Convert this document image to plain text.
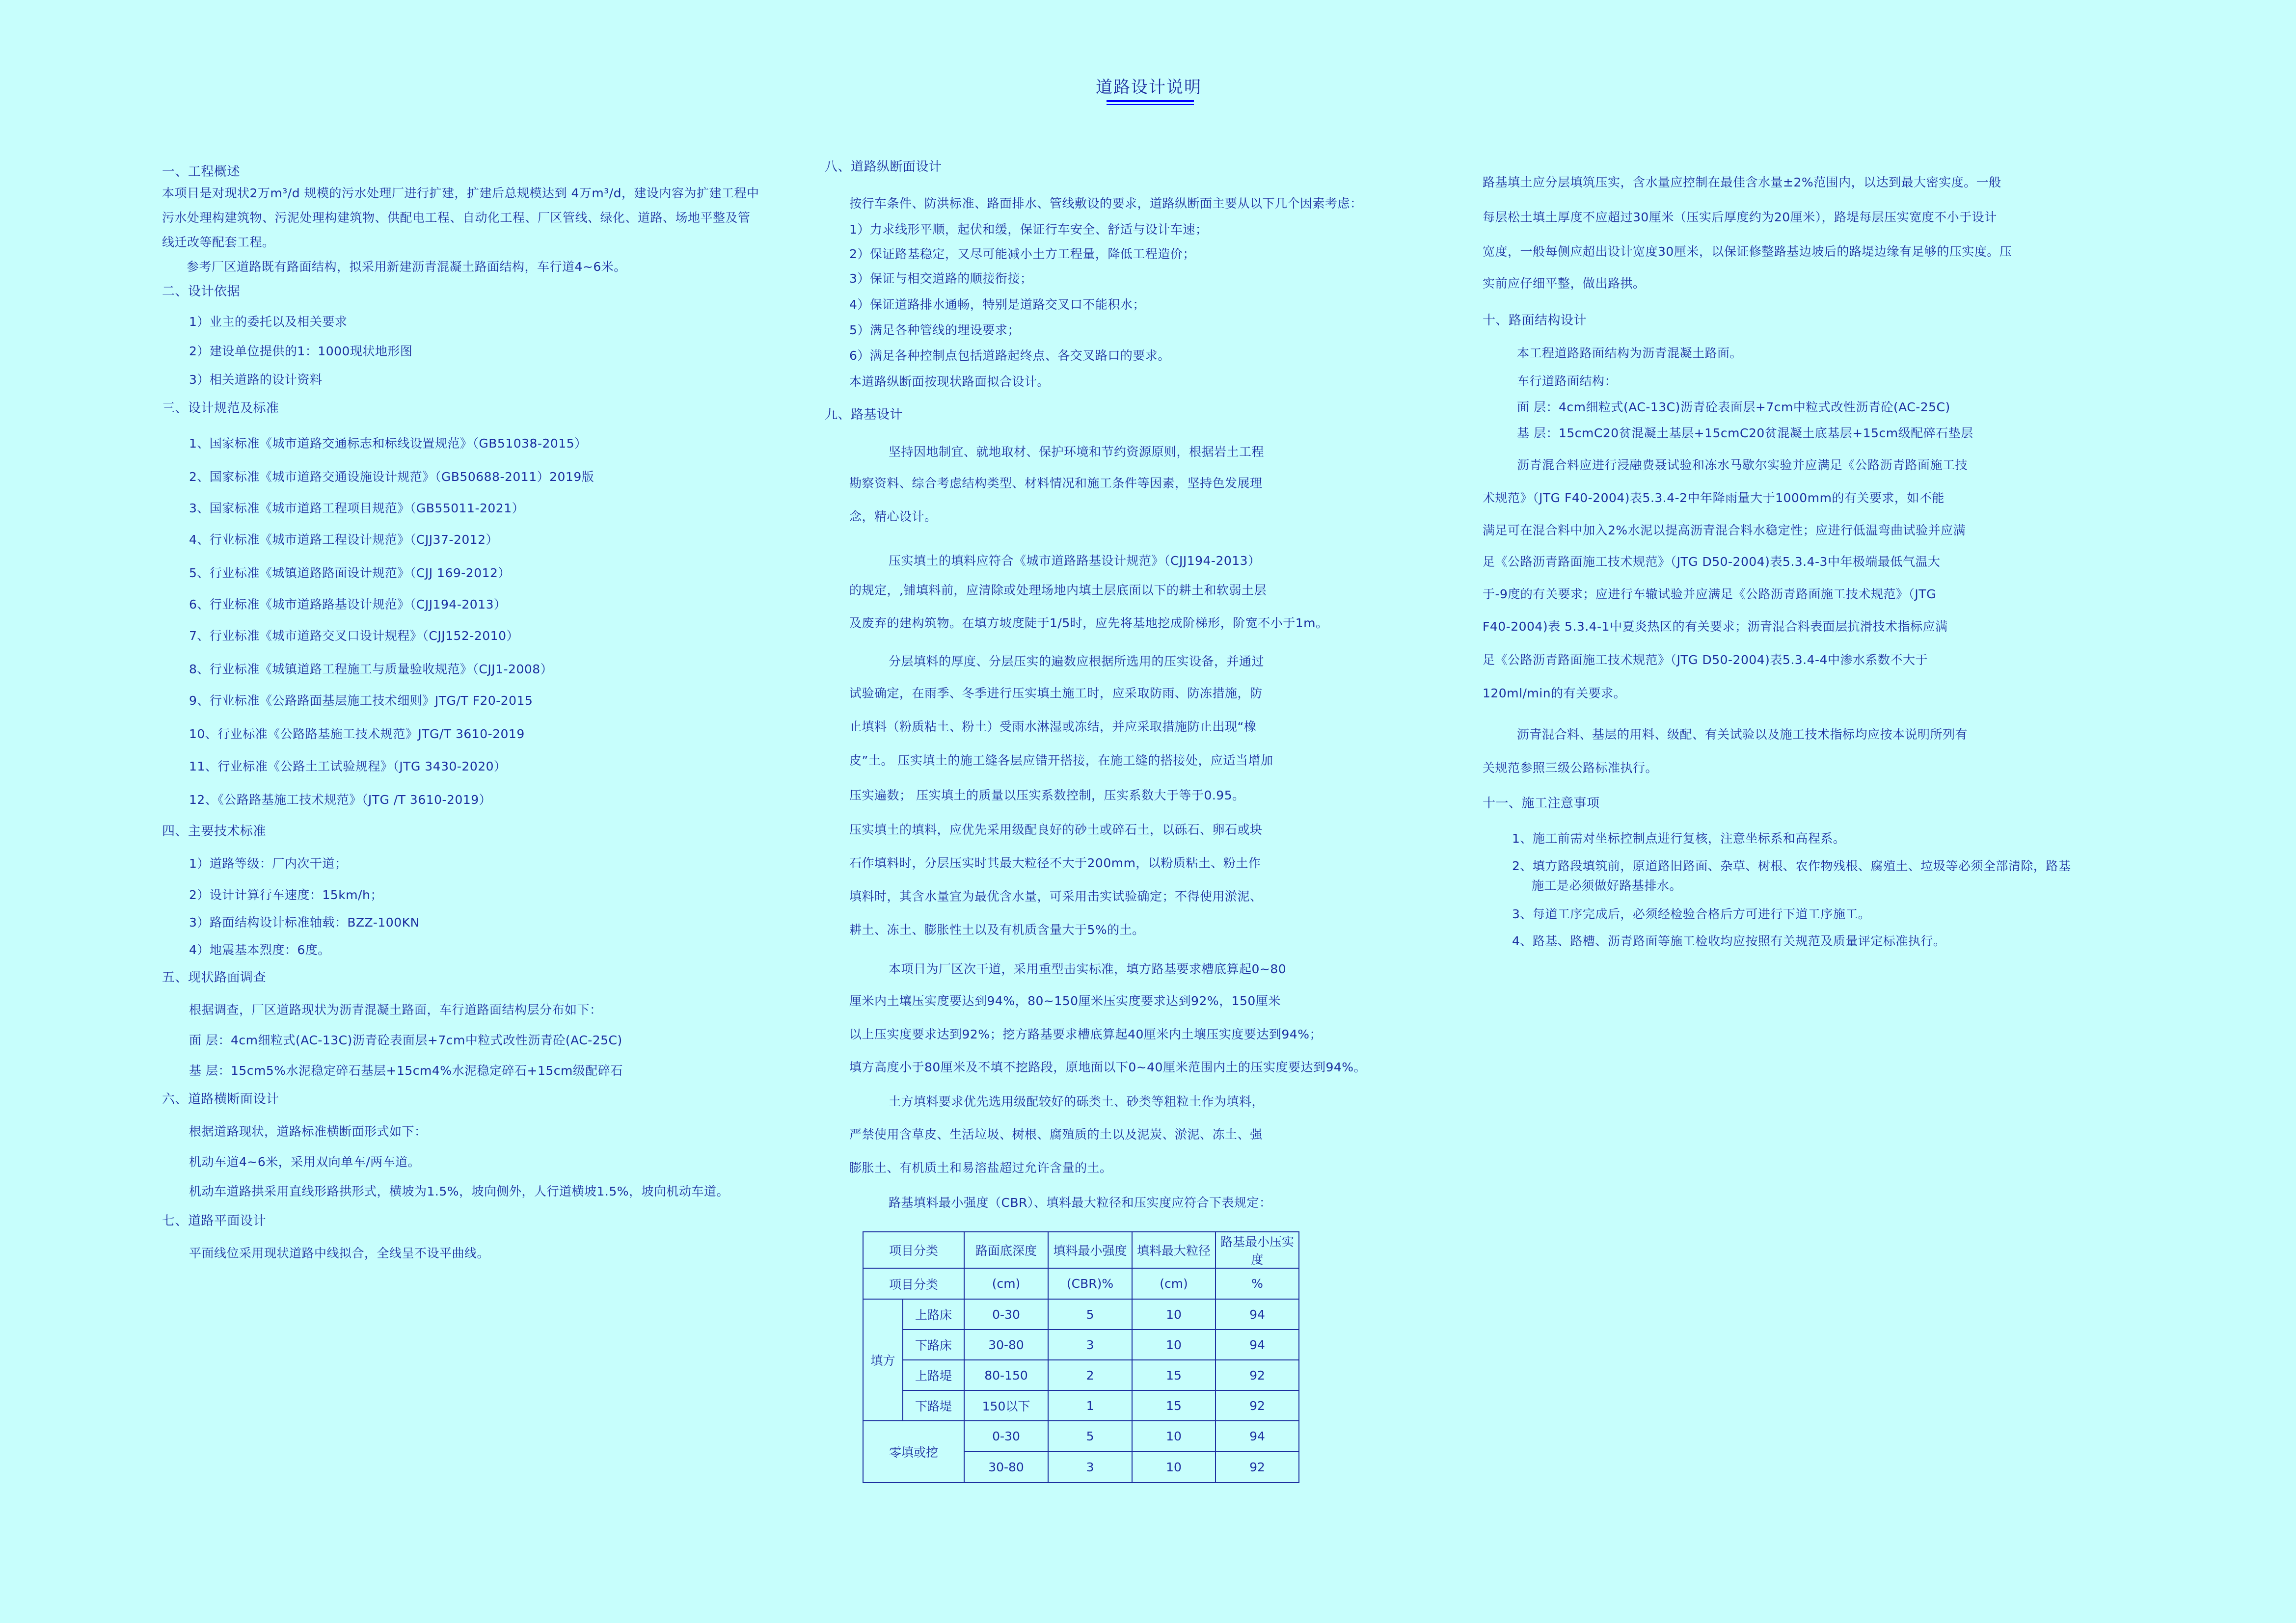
道路设计说明
一、工程概述
本项目是对现状2万m³/d 规模的污水处理厂进行扩建，扩建后总规模达到 4万m³/d，建设内容为扩建工程中
污水处理构建筑物、污泥处理构建筑物、供配电工程、自动化工程、厂区管线、绿化、道路、场地平整及管
线迁改等配套工程。
参考厂区道路既有路面结构，拟采用新建沥青混凝土路面结构，车行道4~6米。
二、设计依据
1）业主的委托以及相关要求
2）建设单位提供的1：1000现状地形图
3）相关道路的设计资料
三、设计规范及标准
1、国家标准《城市道路交通标志和标线设置规范》（GB51038-2015）
2、国家标准《城市道路交通设施设计规范》（GB50688-2011）2019版
3、国家标准《城市道路工程项目规范》（GB55011-2021）
4、行业标准《城市道路工程设计规范》（CJJ37-2012）
5、行业标准《城镇道路路面设计规范》（CJJ 169-2012）
6、行业标准《城市道路路基设计规范》（CJJ194-2013）
7、行业标准《城市道路交叉口设计规程》（CJJ152-2010）
8、行业标准《城镇道路工程施工与质量验收规范》（CJJ1-2008）
9、行业标准《公路路面基层施工技术细则》JTG/T F20-2015
10、行业标准《公路路基施工技术规范》JTG/T 3610-2019
11、行业标准《公路土工试验规程》（JTG 3430-2020）
12、《公路路基施工技术规范》（JTG /T 3610-2019）
四、主要技术标准
1）道路等级：厂内次干道；
2）设计计算行车速度：15km/h；
3）路面结构设计标准轴载：BZZ-100KN
4）地震基本烈度：6度。
五、现状路面调查
根据调查，厂区道路现状为沥青混凝土路面，车行道路面结构层分布如下：
面 层：4cm细粒式(AC-13C)沥青砼表面层+7cm中粒式改性沥青砼(AC-25C)
基 层：15cm5%水泥稳定碎石基层+15cm4%水泥稳定碎石+15cm级配碎石
六、道路横断面设计
根据道路现状，道路标准横断面形式如下：
机动车道4~6米，采用双向单车/两车道。
机动车道路拱采用直线形路拱形式，横坡为1.5%，坡向侧外，人行道横坡1.5%，坡向机动车道。
七、道路平面设计
平面线位采用现状道路中线拟合，全线呈不设平曲线。
八、道路纵断面设计
按行车条件、防洪标准、路面排水、管线敷设的要求，道路纵断面主要从以下几个因素考虑：
1）力求线形平顺，起伏和缓，保证行车安全、舒适与设计车速；
2）保证路基稳定，又尽可能减小土方工程量，降低工程造价；
3）保证与相交道路的顺接衔接；
4）保证道路排水通畅，特别是道路交叉口不能积水；
5）满足各种管线的埋设要求；
6）满足各种控制点包括道路起终点、各交叉路口的要求。
本道路纵断面按现状路面拟合设计。
九、路基设计
坚持因地制宜、就地取材、保护环境和节约资源原则，根据岩土工程
勘察资料、综合考虑结构类型、材料情况和施工条件等因素，坚持色发展理
念，精心设计。
压实填土的填料应符合《城市道路路基设计规范》（CJJ194-2013）
的规定，,铺填料前，应清除或处理场地内填土层底面以下的耕土和软弱土层
及废弃的建构筑物。在填方坡度陡于1/5时，应先将基地挖成阶梯形，阶宽不小于1m。
分层填料的厚度、分层压实的遍数应根据所选用的压实设备，并通过
试验确定，在雨季、冬季进行压实填土施工时，应采取防雨、防冻措施，防
止填料（粉质粘土、粉土）受雨水淋湿或冻结，并应采取措施防止出现“橡
皮”土。 压实填土的施工缝各层应错开搭接，在施工缝的搭接处，应适当增加
压实遍数； 压实填土的质量以压实系数控制，压实系数大于等于0.95。
压实填土的填料，应优先采用级配良好的砂土或碎石土，以砾石、卵石或块
石作填料时，分层压实时其最大粒径不大于200mm，以粉质粘土、粉土作
填料时，其含水量宜为最优含水量，可采用击实试验确定；不得使用淤泥、
耕土、冻土、膨胀性土以及有机质含量大于5%的土。
本项目为厂区次干道，采用重型击实标准，填方路基要求槽底算起0~80
厘米内土壤压实度要达到94%，80~150厘米压实度要求达到92%，150厘米
以上压实度要求达到92%；挖方路基要求槽底算起40厘米内土壤压实度要达到94%；
填方高度小于80厘米及不填不挖路段，原地面以下0~40厘米范围内土的压实度要达到94%。
土方填料要求优先选用级配较好的砾类土、砂类等粗粒土作为填料，
严禁使用含草皮、生活垃圾、树根、腐殖质的土以及泥炭、淤泥、冻土、强
膨胀土、有机质土和易溶盐超过允许含量的土。
路基填料最小强度（CBR）、填料最大粒径和压实度应符合下表规定：
路基填土应分层填筑压实，含水量应控制在最佳含水量±2%范围内，以达到最大密实度。一般
每层松土填土厚度不应超过30厘米（压实后厚度约为20厘米），路堤每层压实宽度不小于设计
宽度，一般每侧应超出设计宽度30厘米，以保证修整路基边坡后的路堤边缘有足够的压实度。压
实前应仔细平整，做出路拱。
十、路面结构设计
本工程道路路面结构为沥青混凝土路面。
车行道路面结构：
面 层：4cm细粒式(AC-13C)沥青砼表面层+7cm中粒式改性沥青砼(AC-25C)
基 层：15cmC20贫混凝土基层+15cmC20贫混凝土底基层+15cm级配碎石垫层
沥青混合料应进行浸融费聂试验和冻水马歇尔实验并应满足《公路沥青路面施工技
术规范》（JTG F40-2004)表5.3.4-2中年降雨量大于1000mm的有关要求，如不能
满足可在混合料中加入2%水泥以提高沥青混合料水稳定性；应进行低温弯曲试验并应满
足《公路沥青路面施工技术规范》（JTG D50-2004)表5.3.4-3中年极端最低气温大
于-9度的有关要求；应进行车辙试验并应满足《公路沥青路面施工技术规范》（JTG
F40-2004)表 5.3.4-1中夏炎热区的有关要求；沥青混合料表面层抗滑技术指标应满
足《公路沥青路面施工技术规范》（JTG D50-2004)表5.3.4-4中渗水系数不大于
120ml/min的有关要求。
沥青混合料、基层的用料、级配、有关试验以及施工技术指标均应按本说明所列有
关规范参照三级公路标准执行。
十一、施工注意事项
1、施工前需对坐标控制点进行复核，注意坐标系和高程系。
2、填方路段填筑前，原道路旧路面、杂草、树根、农作物残根、腐殖土、垃圾等必须全部清除，路基
施工是必须做好路基排水。
3、每道工序完成后，必须经检验合格后方可进行下道工序施工。
4、路基、路槽、沥青路面等施工检收均应按照有关规范及质量评定标准执行。
项目分类		路面底深度	填料最小强度	填料最大粒径	路基最小压实度
项目分类		(cm)	(CBR)%	(cm)	%
填方	上路床	0-30	5	10	94
	下路床	30-80	3	10	94
	上路堤	80-150	2	15	92
	下路堤	150以下	1	15	92
零填或挖		0-30	5	10	94
		30-80	3	10	92
